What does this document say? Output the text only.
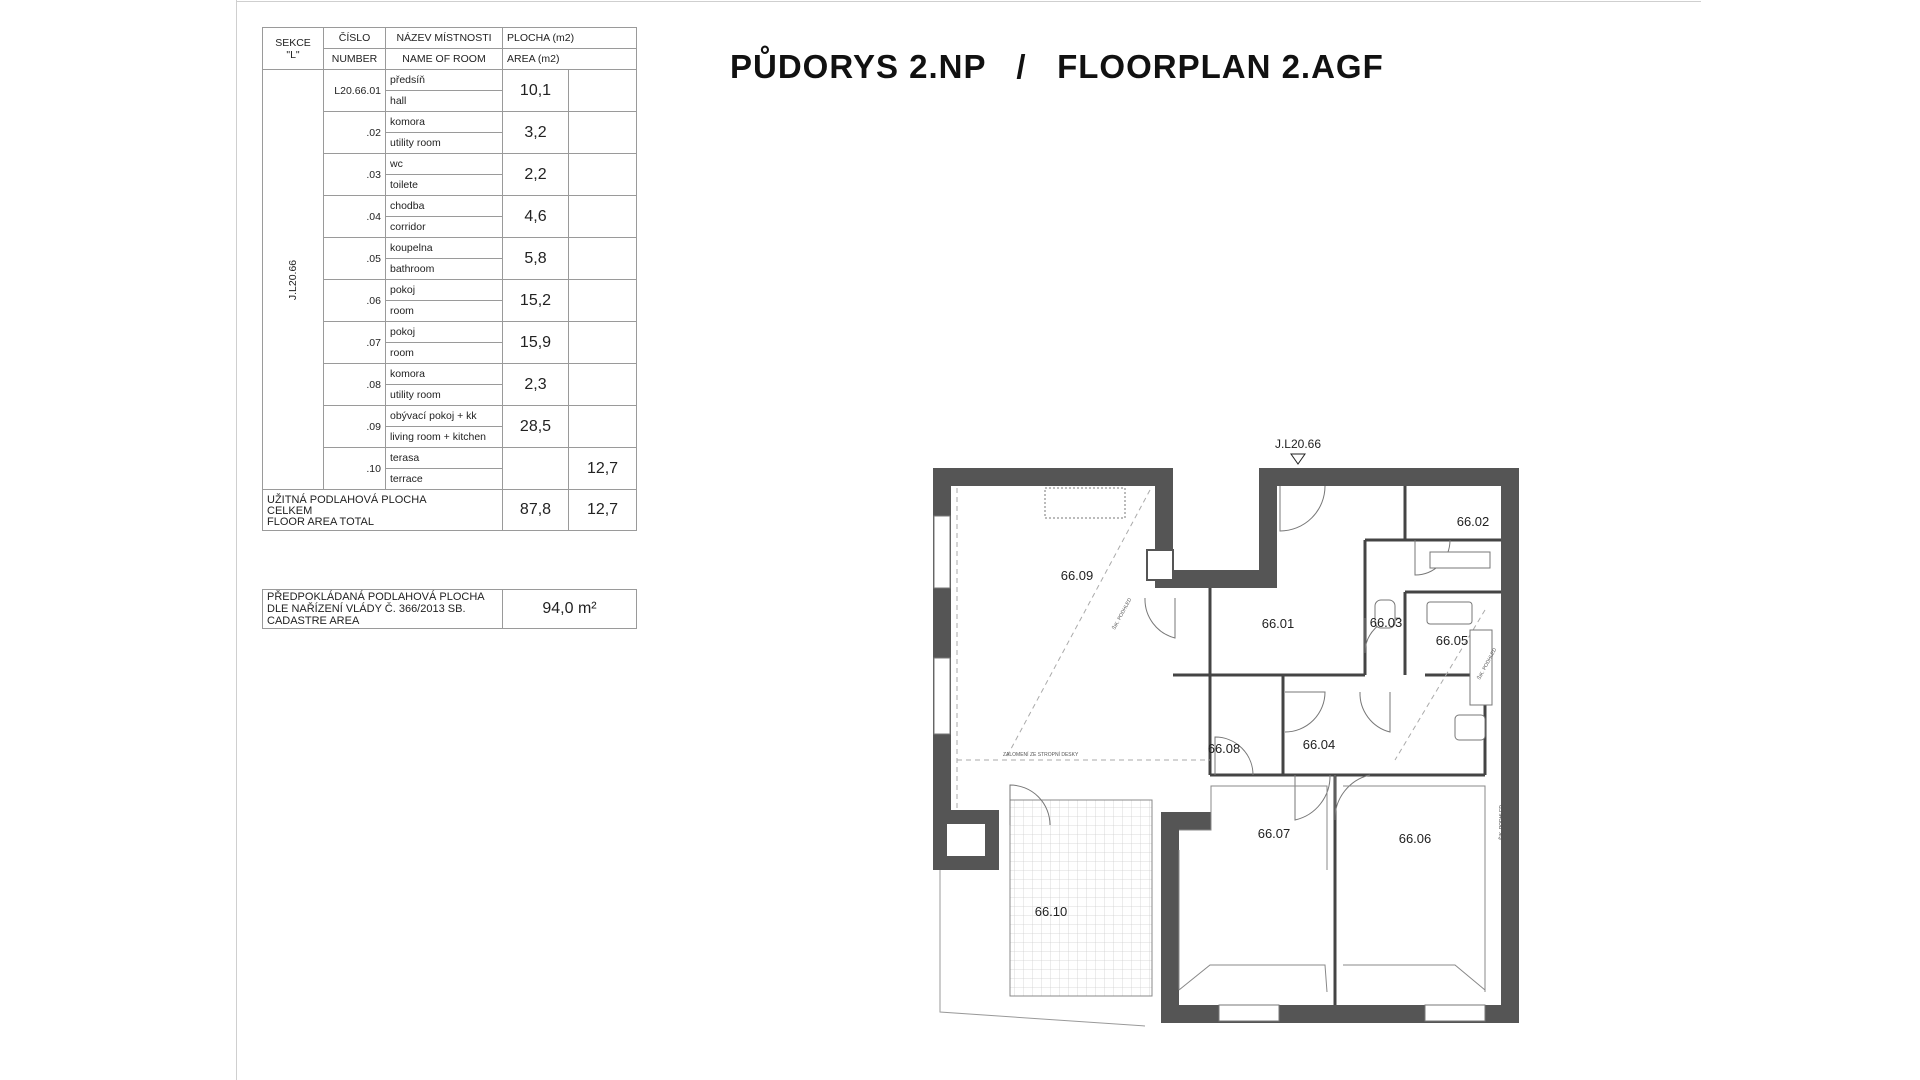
SEKCE
"L"	ČÍSLO	NÁZEV MÍSTNOSTI	PLOCHA (m2)	
	NUMBER	NAME OF ROOM	AREA (m2)	
J.L20.66	L20.66.01	předsíň	10,1	
		hall		
	.02	komora	3,2	
		utility room		
	.03	wc	2,2	
		toilete		
	.04	chodba	4,6	
		corridor		
	.05	koupelna	5,8	
		bathroom		
	.06	pokoj	15,2	
		room		
	.07	pokoj	15,9	
		room		
	.08	komora	2,3	
		utility room		
	.09	obývací pokoj + kk	28,5	
		living room + kitchen		
	.10	terasa		12,7
		terrace		

UŽITNÁ PODLAHOVÁ PLOCHA
CELKEM
FLOOR AREA TOTAL			87,8	12,7
PŘEDPOKLÁDANÁ PODLAHOVÁ PLOCHA
DLE NAŘÍZENÍ VLÁDY Č. 366/2013 SB.
CADASTRE AREA
	94,0 m²
PŮDORYS 2.NP   /   FLOORPLAN 2.AGF
J.L20.66
66.09
66.01
66.02
66.03
66.05
66.04
66.08
66.07	66.06
66.10
ZALOMENÍ ZE STROPNÍ DESKY
ŠIK. PODHLED
ŠIK. PODHLED
ŠIK. PODHLED
